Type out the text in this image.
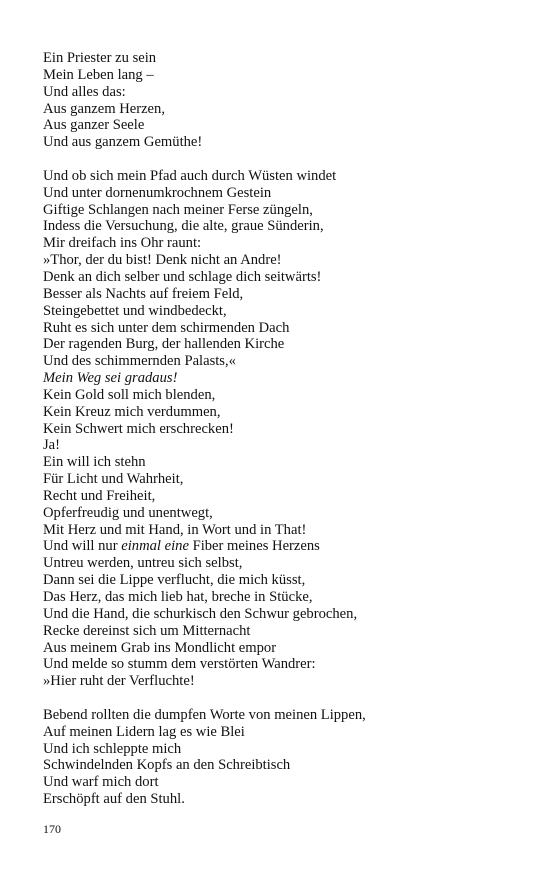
Ein Priester zu sein
Mein Leben lang –
Und alles das:
Aus ganzem Herzen,
Aus ganzer Seele
Und aus ganzem Gemüthe!
Und ob sich mein Pfad auch durch Wüsten windet
Und unter dornenumkrochnem Gestein
Giftige Schlangen nach meiner Ferse züngeln,
Indess die Versuchung, die alte, graue Sünderin,
Mir dreifach ins Ohr raunt:
»Thor, der du bist! Denk nicht an Andre!
Denk an dich selber und schlage dich seitwärts!
Besser als Nachts auf freiem Feld,
Steingebettet und windbedeckt,
Ruht es sich unter dem schirmenden Dach
Der ragenden Burg, der hallenden Kirche
Und des schimmernden Palasts,«
Mein Weg sei gradaus!
Kein Gold soll mich blenden,
Kein Kreuz mich verdummen,
Kein Schwert mich erschrecken!
Ja!
Ein will ich stehn
Für Licht und Wahrheit,
Recht und Freiheit,
Opferfreudig und unentwegt,
Mit Herz und mit Hand, in Wort und in That!
Und will nur einmal eine Fiber meines Herzens
Untreu werden, untreu sich selbst,
Dann sei die Lippe verflucht, die mich küsst,
Das Herz, das mich lieb hat, breche in Stücke,
Und die Hand, die schurkisch den Schwur gebrochen,
Recke dereinst sich um Mitternacht
Aus meinem Grab ins Mondlicht empor
Und melde so stumm dem verstörten Wandrer:
»Hier ruht der Verfluchte!
Bebend rollten die dumpfen Worte von meinen Lippen,
Auf meinen Lidern lag es wie Blei
Und ich schleppte mich
Schwindelnden Kopfs an den Schreibtisch
Und warf mich dort
Erschöpft auf den Stuhl.
170
